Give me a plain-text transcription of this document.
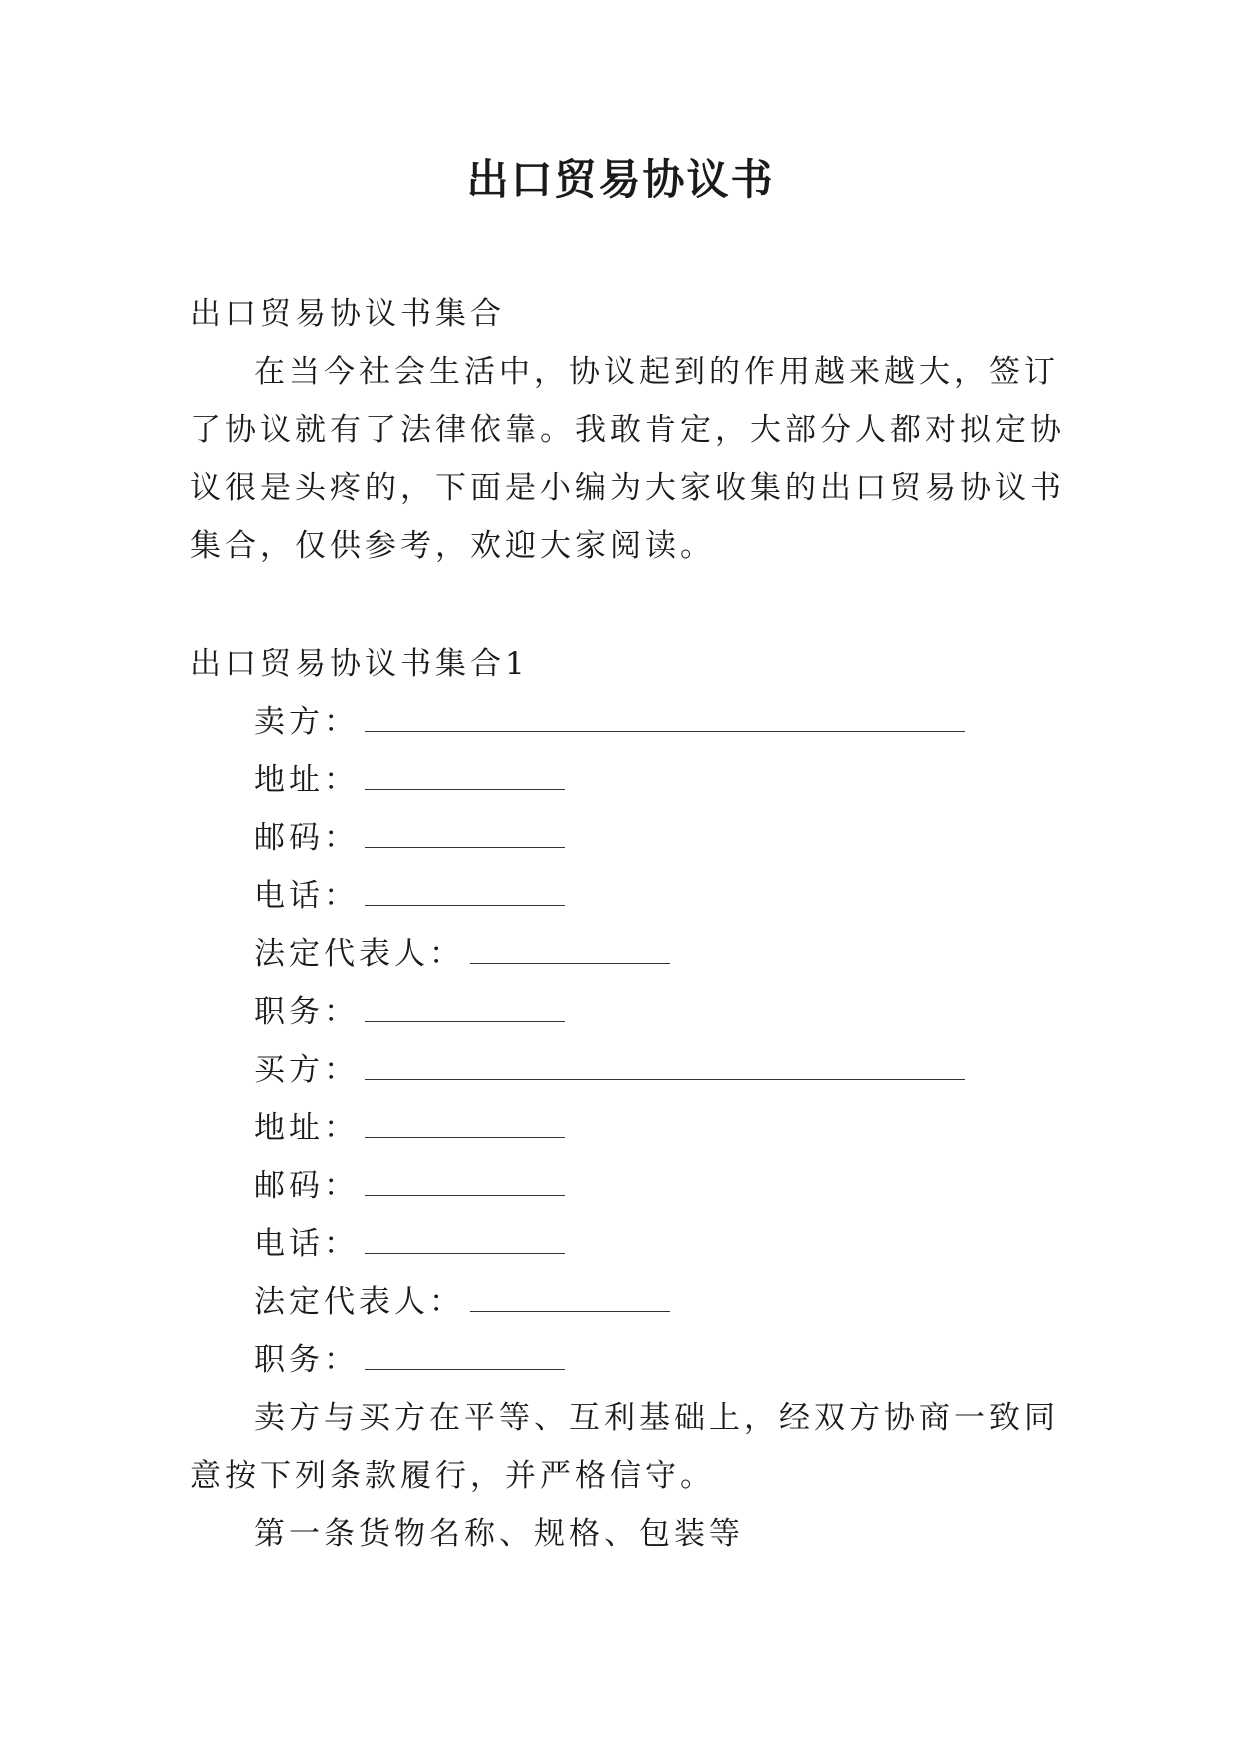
出口贸易协议书

出口贸易协议书集合

在当今社会生活中，协议起到的作用越来越大，签订了协议就有了法律依靠。我敢肯定，大部分人都对拟定协议很是头疼的，下面是小编为大家收集的出口贸易协议书集合，仅供参考，欢迎大家阅读。

出口贸易协议书集合1

卖方：

地址：

邮码：

电话：

法定代表人：

职务：

买方：

地址：

邮码：

电话：

法定代表人：

职务：

卖方与买方在平等、互利基础上，经双方协商一致同意按下列条款履行，并严格信守。

第一条货物名称、规格、包装等
